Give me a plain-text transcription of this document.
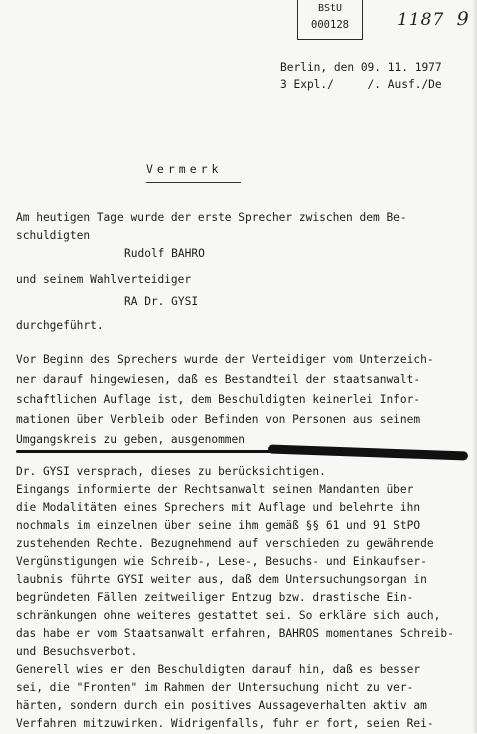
BStU
000128	1187 9
Berlin, den 09. 11. 1977
3 Expl./     /. Ausf./De
Vermerk
Am heutigen Tage wurde der erste Sprecher zwischen dem Be-
schuldigten
Rudolf BAHRO
und seinem Wahlverteidiger
RA Dr. GYSI
durchgeführt.
Vor Beginn des Sprechers wurde der Verteidiger vom Unterzeich-
ner darauf hingewiesen, daß es Bestandteil der staatsanwalt-
schaftlichen Auflage ist, dem Beschuldigten keinerlei Infor-
mationen über Verbleib oder Befinden von Personen aus seinem
Umgangskreis zu geben, ausgenommen
Dr. GYSI versprach, dieses zu berücksichtigen.
Eingangs informierte der Rechtsanwalt seinen Mandanten über
die Modalitäten eines Sprechers mit Auflage und belehrte ihn
nochmals im einzelnen über seine ihm gemäß §§ 61 und 91 StPO
zustehenden Rechte. Bezugnehmend auf verschieden zu gewährende
Vergünstigungen wie Schreib-, Lese-, Besuchs- und Einkaufser-
laubnis führte GYSI weiter aus, daß dem Untersuchungsorgan in
begründeten Fällen zeitweiliger Entzug bzw. drastische Ein-
schränkungen ohne weiteres gestattet sei. So erkläre sich auch,
das habe er vom Staatsanwalt erfahren, BAHROS momentanes Schreib-
und Besuchsverbot.
Generell wies er den Beschuldigten darauf hin, daß es besser
sei, die "Fronten" im Rahmen der Untersuchung nicht zu ver-
härten, sondern durch ein positives Aussageverhalten aktiv am
Verfahren mitzuwirken. Widrigenfalls, fuhr er fort, seien Rei-
